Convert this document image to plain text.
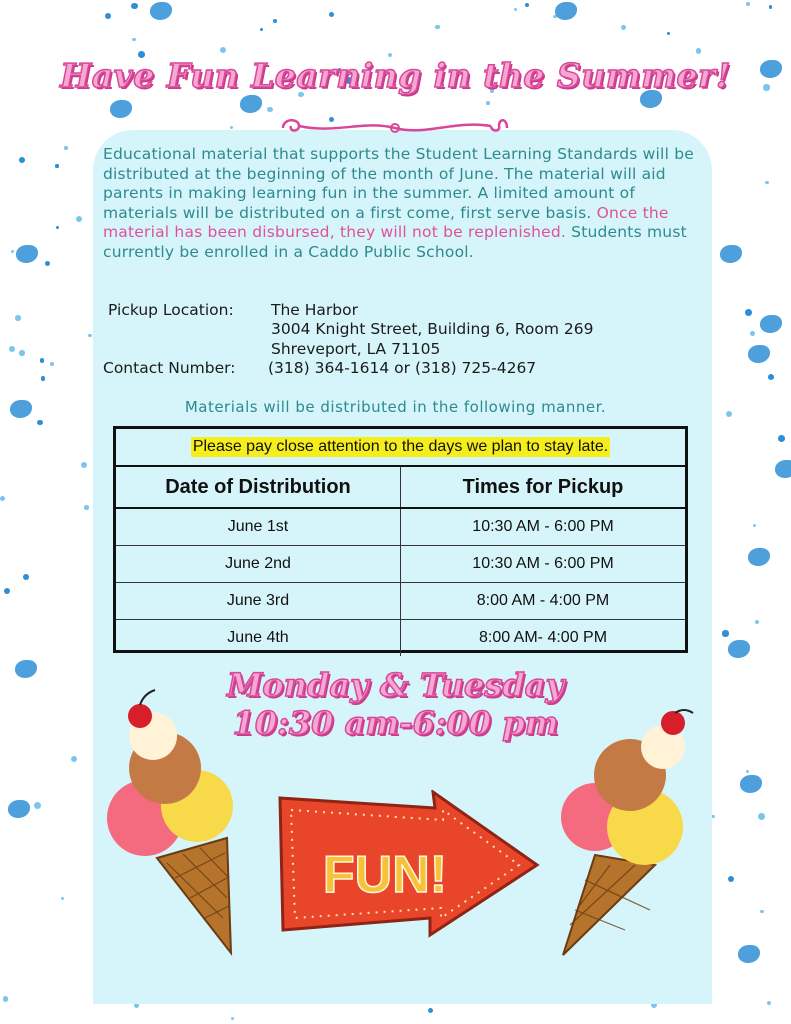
Have Fun Learning in the Summer!
Educational material that supports the Student Learning Standards will be distributed at the beginning of the month of June. The material will aid parents in making learning fun in the summer. A limited amount of materials will be distributed on a first come, first serve basis. Once the material has been disbursed, they will not be replenished. Students must currently be enrolled in a Caddo Public School.
Pickup Location: The Harbor
3004 Knight Street, Building 6, Room 269
Shreveport, LA 71105
Contact Number: (318) 364-1614 or (318) 725-4267
Materials will be distributed in the following manner.
Please pay close attention to the days we plan to stay late.
Date of Distribution	Times for Pickup
June 1st	10:30 AM - 6:00 PM
June 2nd	10:30 AM - 6:00 PM
June 3rd	8:00 AM - 4:00 PM
June 4th	8:00 AM- 4:00 PM
Monday & Tuesday
10:30 am-6:00 pm
FUN!
